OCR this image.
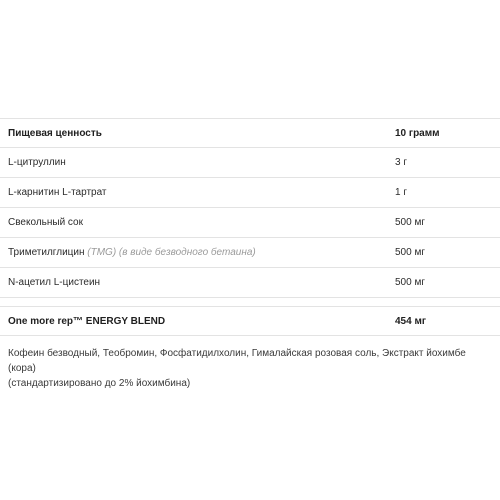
Пищевая ценность	10 грамм
L-цитруллин	3 г
L-карнитин L-тартрат	1 г
Свекольный сок	500 мг
Триметилглицин (TMG) (в виде безводного бетаина)	500 мг
N-ацетил L-цистеин	500 мг
One more rep™ ENERGY BLEND	454 мг
Кофеин безводный, Теобромин, Фосфатидилхолин, Гималайская розовая соль, Экстракт йохимбе (кора)
(стандартизировано до 2% йохимбина)
